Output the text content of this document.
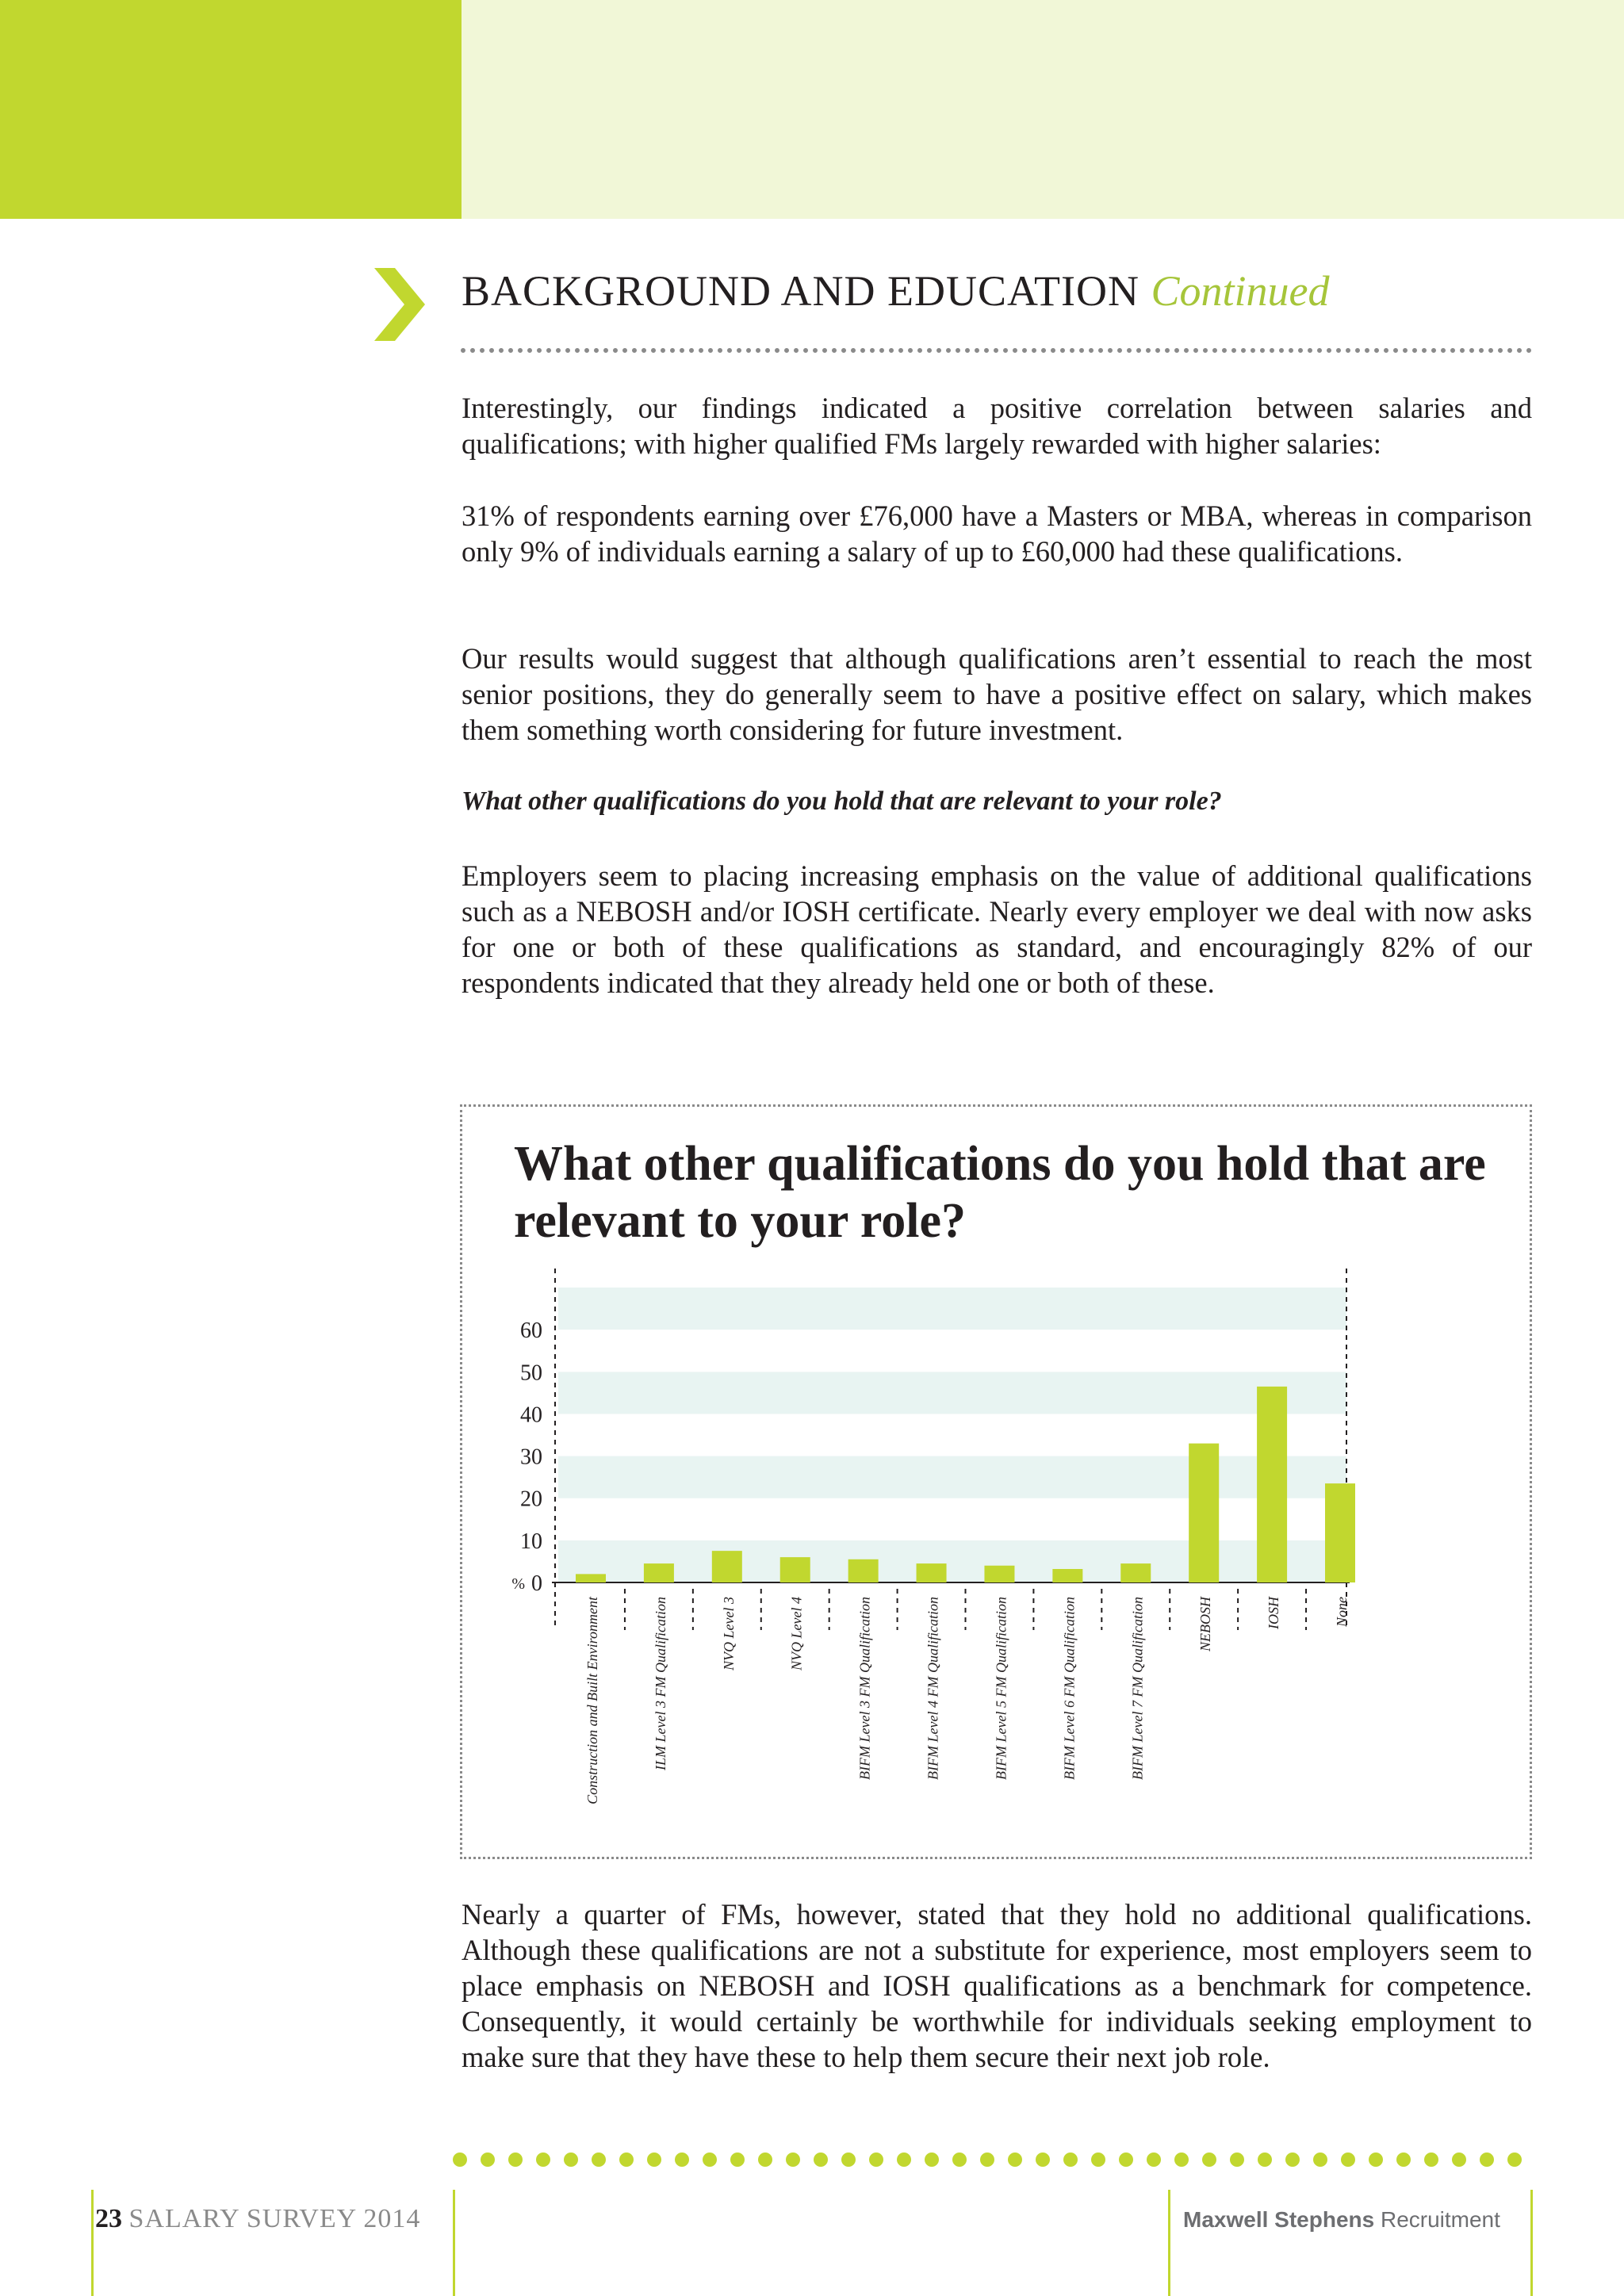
BACKGROUND AND EDUCATION Continued
Interestingly, our findings indicated a positive correlation between salaries and qualifications; with higher qualified FMs largely rewarded with higher salaries:
31% of respondents earning over £76,000 have a Masters or MBA, whereas in comparison only 9% of individuals earning a salary of up to £60,000 had these qualifications.
Our results would suggest that although qualifications aren’t essential to reach the most senior positions, they do generally seem to have a positive effect on salary, which makes them something worth considering for future investment.
What other qualifications do you hold that are relevant to your role?
Employers seem to placing increasing emphasis on the value of additional qualifications such as a NEBOSH and/or IOSH certificate. Nearly every employer we deal with now asks for one or both of these qualifications as standard, and encouragingly 82% of our respondents indicated that they already held one or both of these.
What other qualifications do you hold that are relevant to your role?
0
10
20
30
40
50
60
%
Construction and Built Environment	ILM Level 3 FM Qualification	NVQ Level 3	NVQ Level 4	BIFM Level 3 FM Qualification	BIFM Level 4 FM Qualification	BIFM Level 5 FM Qualification	BIFM Level 6 FM Qualification	BIFM Level 7 FM Qualification	NEBOSH	IOSH	None
Nearly a quarter of FMs, however, stated that they hold no additional qualifications. Although these qualifications are not a substitute for experience, most employers seem to place emphasis on NEBOSH and IOSH qualifications as a benchmark for competence. Consequently, it would certainly be worthwhile for individuals seeking employment to make sure that they have these to help them secure their next job role.
23 SALARY SURVEY 2014	Maxwell Stephens Recruitment
